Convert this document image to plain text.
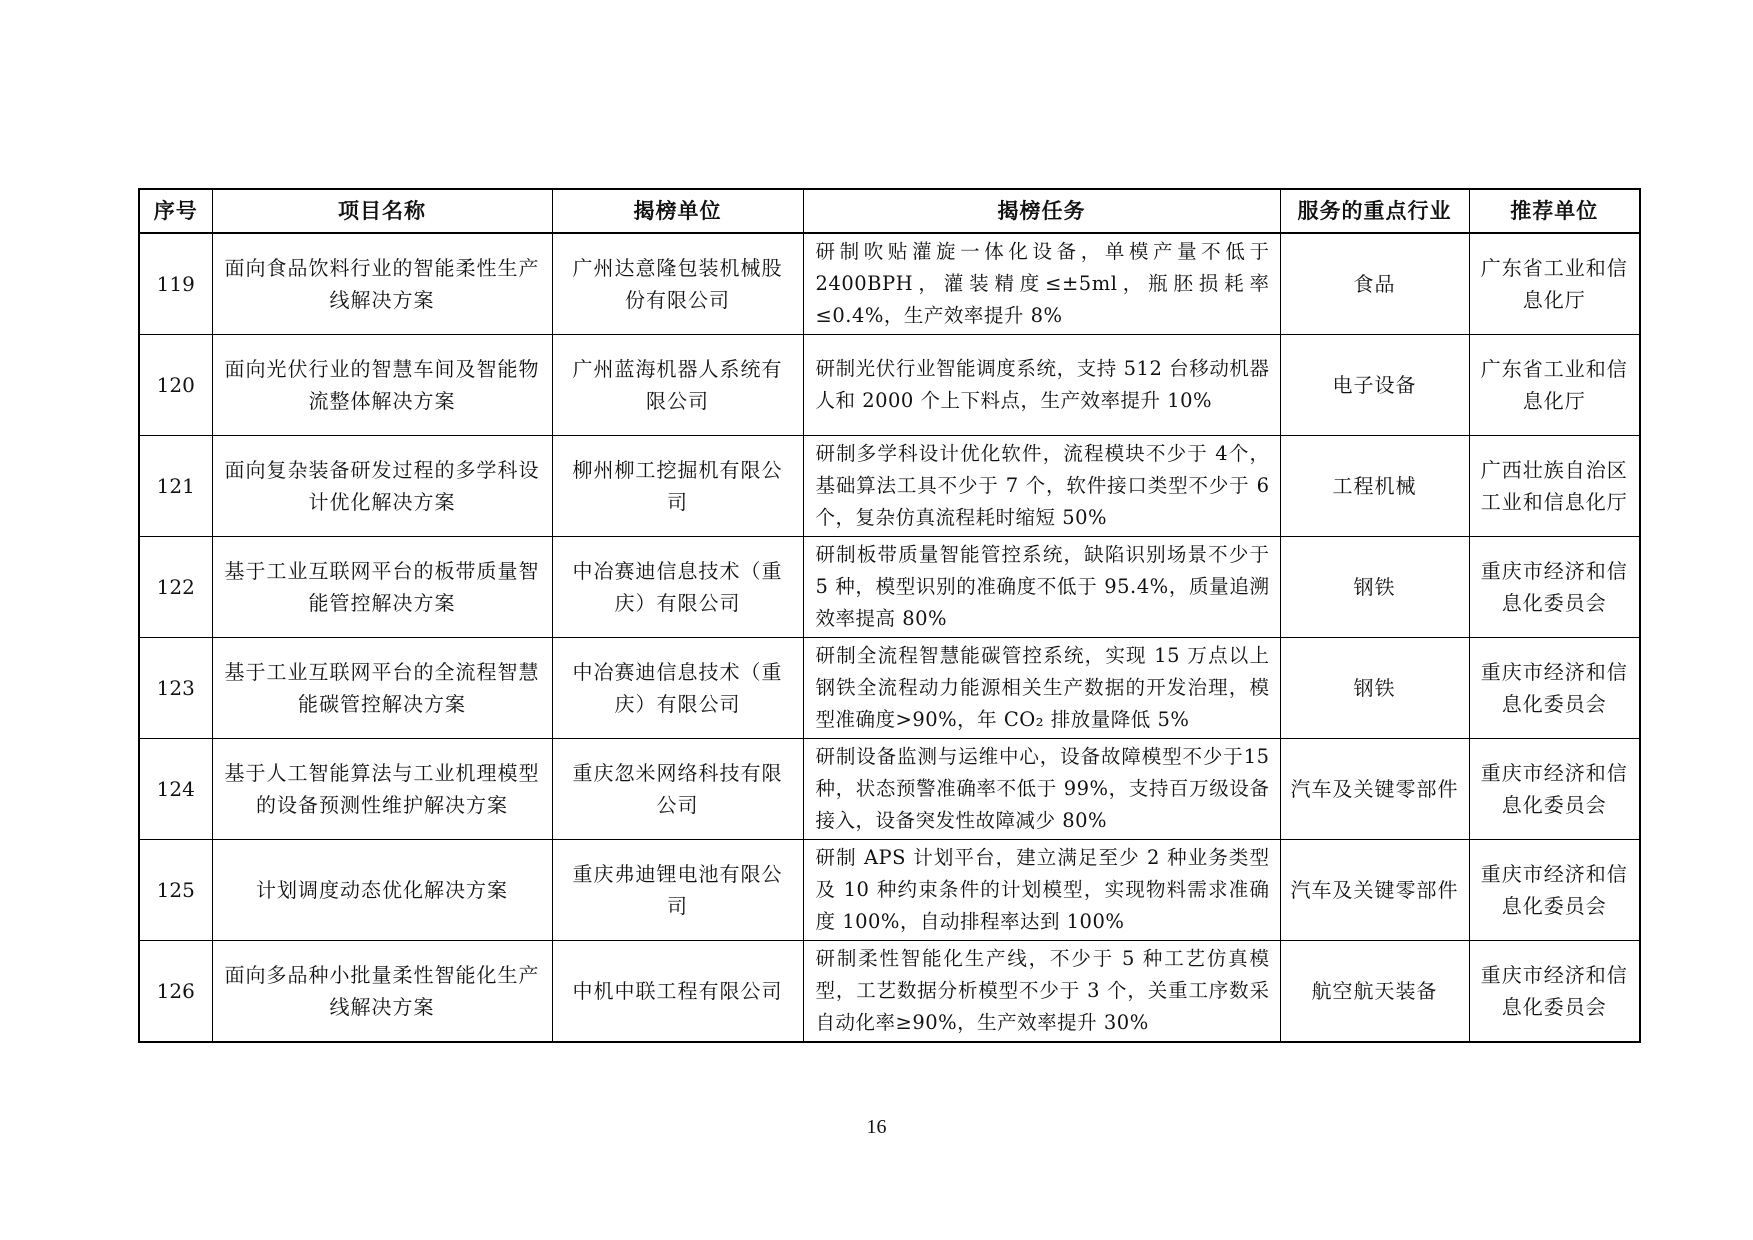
序号	项目名称	揭榜单位	揭榜任务	服务的重点行业	推荐单位
119	面向食品饮料行业的智能柔性生产线解决方案	广州达意隆包装机械股份有限公司	研制吹贴灌旋一体化设备，单模产量不低于2400BPH，灌装精度≤±5ml，瓶胚损耗率≤0.4%，生产效率提升 8%	食品	广东省工业和信息化厅
120	面向光伏行业的智慧车间及智能物流整体解决方案	广州蓝海机器人系统有限公司	研制光伏行业智能调度系统，支持 512 台移动机器人和 2000 个上下料点，生产效率提升 10%	电子设备	广东省工业和信息化厅
121	面向复杂装备研发过程的多学科设计优化解决方案	柳州柳工挖掘机有限公司	研制多学科设计优化软件，流程模块不少于 4个，基础算法工具不少于 7 个，软件接口类型不少于 6 个，复杂仿真流程耗时缩短 50%	工程机械	广西壮族自治区工业和信息化厅
122	基于工业互联网平台的板带质量智能管控解决方案	中冶赛迪信息技术（重庆）有限公司	研制板带质量智能管控系统，缺陷识别场景不少于 5 种，模型识别的准确度不低于 95.4%，质量追溯效率提高 80%	钢铁	重庆市经济和信息化委员会
123	基于工业互联网平台的全流程智慧能碳管控解决方案	中冶赛迪信息技术（重庆）有限公司	研制全流程智慧能碳管控系统，实现 15 万点以上钢铁全流程动力能源相关生产数据的开发治理，模型准确度>90%，年 CO₂ 排放量降低 5%	钢铁	重庆市经济和信息化委员会
124	基于人工智能算法与工业机理模型的设备预测性维护解决方案	重庆忽米网络科技有限公司	研制设备监测与运维中心，设备故障模型不少于15 种，状态预警准确率不低于 99%，支持百万级设备接入，设备突发性故障减少 80%	汽车及关键零部件	重庆市经济和信息化委员会
125	计划调度动态优化解决方案	重庆弗迪锂电池有限公司	研制 APS 计划平台，建立满足至少 2 种业务类型及 10 种约束条件的计划模型，实现物料需求准确度 100%，自动排程率达到 100%	汽车及关键零部件	重庆市经济和信息化委员会
126	面向多品种小批量柔性智能化生产线解决方案	中机中联工程有限公司	研制柔性智能化生产线，不少于 5 种工艺仿真模型，工艺数据分析模型不少于 3 个，关重工序数采自动化率≥90%，生产效率提升 30%	航空航天装备	重庆市经济和信息化委员会
16
